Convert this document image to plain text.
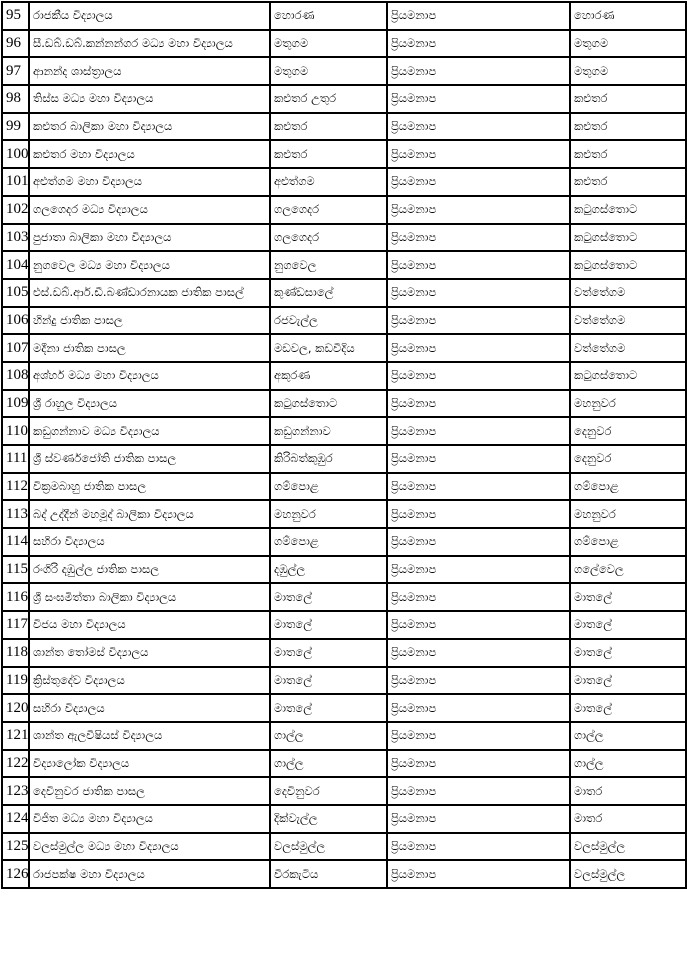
95	රාජකීය විද්‍යාලය	හොරණ	ප්‍රියමනාප	හොරණ

96	සී.ඩබ්.ඩබ්.කන්නන්ගර මධ්‍ය මහා විද්‍යාලය	මතුගම	ප්‍රියමනාප	මතුගම

97	ආනන්ද ශාස්ත්‍රාලය	මතුගම	ප්‍රියමනාප	මතුගම

98	තිස්ස මධ්‍ය මහා විද්‍යාලය	කළුතර උතුර	ප්‍රියමනාප	කළුතර

99	කළුතර බාලිකා මහා විද්‍යාලය	කළුතර	ප්‍රියමනාප	කළුතර

100	කළුතර මහා විද්‍යාලය	කළුතර	ප්‍රියමනාප	කළුතර

101	අළුත්ගම මහා විද්‍යාලය	අළුත්ගම	ප්‍රියමනාප	කළුතර

102	ගලගෙදර මධ්‍ය විද්‍යාලය	ගලගෙදර	ප්‍රියමනාප	කටුගස්තොට

103	පුජාතා බාලිකා මහා විද්‍යාලය	ගලගෙදර	ප්‍රියමනාප	කටුගස්තොට

104	නුගවෙල මධ්‍ය මහා විද්‍යාලය	නුගවෙල	ප්‍රියමනාප	කටුගස්තොට

105	එස්.ඩබ්.ආර්.ඩී.බණ්ඩාරනායක ජාතික පාසල්	කුණ්ඩසාලේ	ප්‍රියමනාප	වත්තේගම

106	හින්දු ජාතික පාසල	රජවැල්ල	ප්‍රියමනාප	වත්තේගම

107	මදීනා ජාතික පාසල	මඩවල, කඩවීදිය	ප්‍රියමනාප	වත්තේගම

108	අශ්හර් මධ්‍ය මහා විද්‍යාලය	අකුරණ	ප්‍රියමනාප	කටුගස්තොට

109	ශ්‍රී රාහුල විද්‍යාලය	කටුගස්තොට	ප්‍රියමනාප	මහනුවර

110	කඩුගන්නාව මධ්‍ය විද්‍යාලය	කඩුගන්නාව	ප්‍රියමනාප	දෙනුවර

111	ශ්‍රී ස්වර්ණජෝති ජාතික පාසල	කිරිබත්කුඹුර	ප්‍රියමනාප	දෙනුවර

112	වික්‍රමබාහු ජාතික පාසල	ගම්පොළ	ප්‍රියමනාප	ගම්පොළ

113	බද් උද්දීන් මහමූද් බාලිකා විද්‍යාලය	මහනුවර	ප්‍රියමනාප	මහනුවර

114	සහිරා විද්‍යාලය	ගම්පොළ	ප්‍රියමනාප	ගම්පොළ

115	රංගිරි දඹුල්ල ජාතික පාසල	දඹුල්ල	ප්‍රියමනාප	ගලේවෙල

116	ශ්‍රී සංඝමිත්තා බාලිකා විද්‍යාලය	මාතලේ	ප්‍රියමනාප	මාතලේ

117	විජය මහා විද්‍යාලය	මාතලේ	ප්‍රියමනාප	මාතලේ

118	ශාන්ත තෝමස් විද්‍යාලය	මාතලේ	ප්‍රියමනාප	මාතලේ

119	ක්‍රිස්තුදේව විද්‍යාලය	මාතලේ	ප්‍රියමනාප	මාතලේ

120	සහිරා විද්‍යාලය	මාතලේ	ප්‍රියමනාප	මාතලේ

121	ශාන්ත ඇලවීෂියස් විද්‍යාලය	ගාල්ල	ප්‍රියමනාප	ගාල්ල

122	විද්‍යාලෝක විද්‍යාලය	ගාල්ල	ප්‍රියමනාප	ගාල්ල

123	දෙවිනුවර ජාතික පාසල	දෙවිනුවර	ප්‍රියමනාප	මාතර

124	විජිත මධ්‍ය මහා විද්‍යාලය	දික්වැල්ල	ප්‍රියමනාප	මාතර

125	වලස්මුල්ල මධ්‍ය මහා විද්‍යාලය	වලස්මුල්ල	ප්‍රියමනාප	වලස්මුල්ල

126	රාජපක්ෂ මහා විද්‍යාලය	වීරකැටිය	ප්‍රියමනාප	වලස්මුල්ල
